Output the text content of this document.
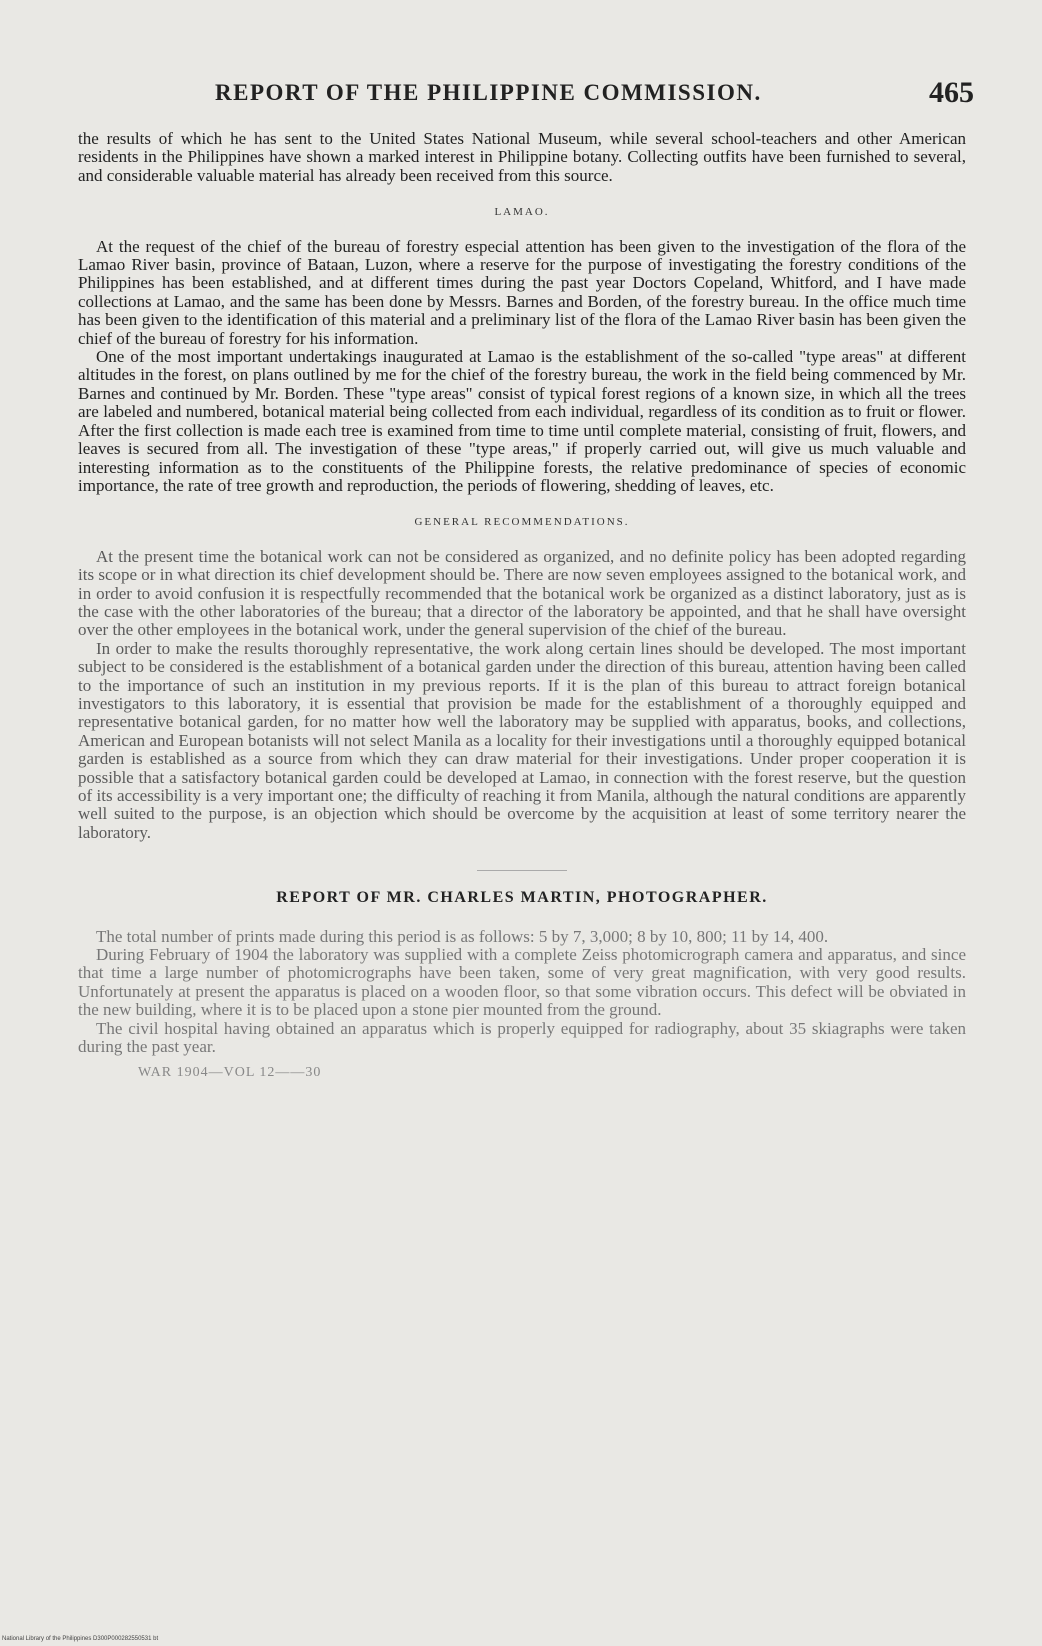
REPORT OF THE PHILIPPINE COMMISSION.	465

the results of which he has sent to the United States National Museum, while several school-teachers and other American residents in the Philippines have shown a marked interest in Philippine botany. Collecting outfits have been furnished to several, and considerable valuable material has already been received from this source.

LAMAO.

At the request of the chief of the bureau of forestry especial attention has been given to the investigation of the flora of the Lamao River basin, province of Bataan, Luzon, where a reserve for the purpose of investigating the forestry conditions of the Philippines has been established, and at different times during the past year Doctors Copeland, Whitford, and I have made collections at Lamao, and the same has been done by Messrs. Barnes and Borden, of the forestry bureau. In the office much time has been given to the identification of this material and a preliminary list of the flora of the Lamao River basin has been given the chief of the bureau of forestry for his information.

One of the most important undertakings inaugurated at Lamao is the establishment of the so-called "type areas" at different altitudes in the forest, on plans outlined by me for the chief of the forestry bureau, the work in the field being commenced by Mr. Barnes and continued by Mr. Borden. These "type areas" consist of typical forest regions of a known size, in which all the trees are labeled and numbered, botanical material being collected from each individual, regardless of its condition as to fruit or flower. After the first collection is made each tree is examined from time to time until complete material, consisting of fruit, flowers, and leaves is secured from all. The investigation of these "type areas," if properly carried out, will give us much valuable and interesting information as to the constituents of the Philippine forests, the relative predominance of species of economic importance, the rate of tree growth and reproduction, the periods of flowering, shedding of leaves, etc.

GENERAL RECOMMENDATIONS.

At the present time the botanical work can not be considered as organized, and no definite policy has been adopted regarding its scope or in what direction its chief development should be. There are now seven employees assigned to the botanical work, and in order to avoid confusion it is respectfully recommended that the botanical work be organized as a distinct laboratory, just as is the case with the other laboratories of the bureau; that a director of the laboratory be appointed, and that he shall have oversight over the other employees in the botanical work, under the general supervision of the chief of the bureau.

In order to make the results thoroughly representative, the work along certain lines should be developed. The most important subject to be considered is the establishment of a botanical garden under the direction of this bureau, attention having been called to the importance of such an institution in my previous reports. If it is the plan of this bureau to attract foreign botanical investigators to this laboratory, it is essential that provision be made for the establishment of a thoroughly equipped and representative botanical garden, for no matter how well the laboratory may be supplied with apparatus, books, and collections, American and European botanists will not select Manila as a locality for their investigations until a thoroughly equipped botanical garden is established as a source from which they can draw material for their investigations. Under proper cooperation it is possible that a satisfactory botanical garden could be developed at Lamao, in connection with the forest reserve, but the question of its accessibility is a very important one; the difficulty of reaching it from Manila, although the natural conditions are apparently well suited to the purpose, is an objection which should be overcome by the acquisition at least of some territory nearer the laboratory.

REPORT OF MR. CHARLES MARTIN, PHOTOGRAPHER.

The total number of prints made during this period is as follows: 5 by 7, 3,000; 8 by 10, 800; 11 by 14, 400.

During February of 1904 the laboratory was supplied with a complete Zeiss photomicrograph camera and apparatus, and since that time a large number of photomicrographs have been taken, some of very great magnification, with very good results. Unfortunately at present the apparatus is placed on a wooden floor, so that some vibration occurs. This defect will be obviated in the new building, where it is to be placed upon a stone pier mounted from the ground.

The civil hospital having obtained an apparatus which is properly equipped for radiography, about 35 skiagraphs were taken during the past year.

WAR 1904—VOL 12——30
National Library of the Philippines D300P000282550531 bt
